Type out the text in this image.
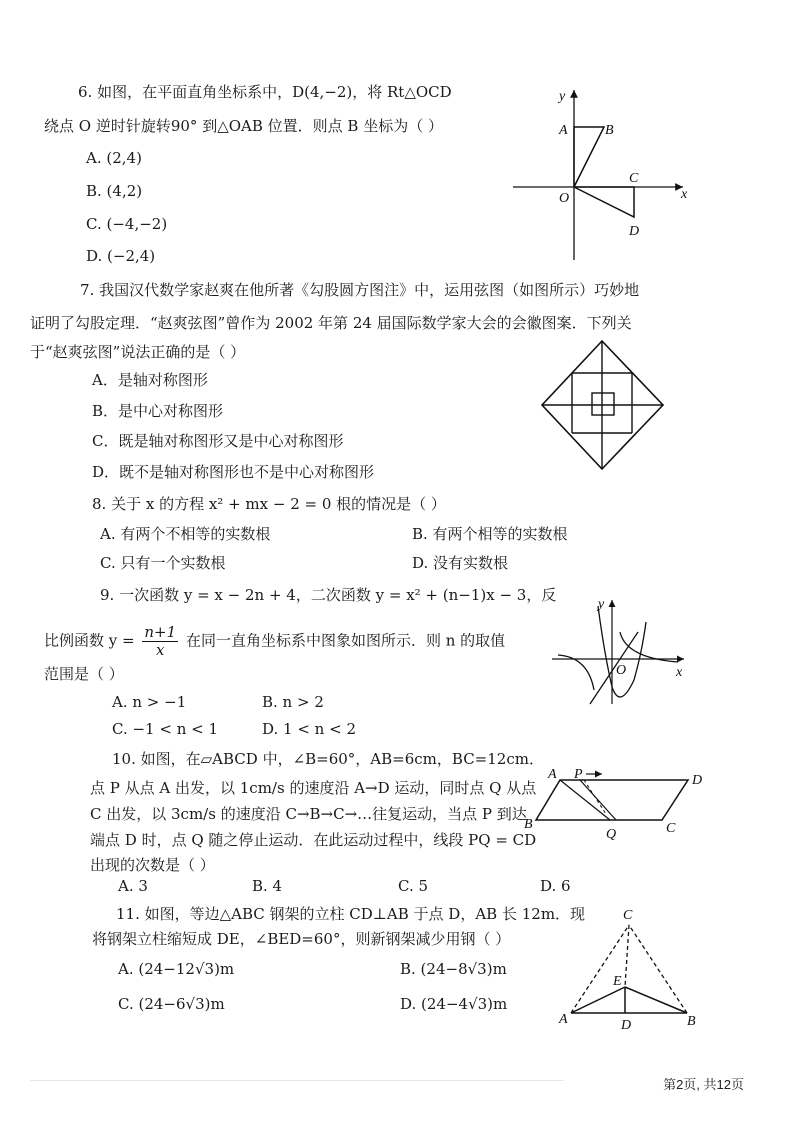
6. 如图，在平面直角坐标系中，D(4,−2)，将 Rt△OCD
绕点 O 逆时针旋转90° 到△OAB 位置．则点 B 坐标为（ ）
A. (2,4)
B. (4,2)
C. (−4,−2)
D. (−2,4)
y
x
O
A	B
C
D
7. 我国汉代数学家赵爽在他所著《勾股圆方图注》中，运用弦图（如图所示）巧妙地
证明了勾股定理．“赵爽弦图”曾作为 2002 年第 24 届国际数学家大会的会徽图案．下列关
于“赵爽弦图”说法正确的是（ ）
A．是轴对称图形
B．是中心对称图形
C．既是轴对称图形又是中心对称图形
D．既不是轴对称图形也不是中心对称图形
8. 关于 x 的方程 x² + mx − 2 = 0 根的情况是（ ）
A. 有两个不相等的实数根	B. 有两个相等的实数根
C. 只有一个实数根	D. 没有实数根
9. 一次函数 y = x − 2n + 4，二次函数 y = x² + (n−1)x − 3，反
比例函数 $y = \frac{n+1}{x}$ 在同一直角坐标系中图象如图所示．则 n 的取值
范围是（ ）
A. n > −1	B. n > 2
C. −1 < n < 1	D. 1 < n < 2
y
x
O
10. 如图，在▱ABCD 中，∠B=60°，AB=6cm，BC=12cm．
点 P 从点 A 出发，以 1cm/s 的速度沿 A→D 运动，同时点 Q 从点
C 出发，以 3cm/s 的速度沿 C→B→C→…往复运动，当点 P 到达
端点 D 时，点 Q 随之停止运动．在此运动过程中，线段 PQ = CD
出现的次数是（ ）
A. 3	B. 4	C. 5	D. 6
A P	D
B
Q	C
11. 如图，等边△ABC 钢架的立柱 CD⊥AB 于点 D，AB 长 12m．现
将钢架立柱缩短成 DE，∠BED=60°，则新钢架减少用钢（ ）
A. (24−12√3)m	B. (24−8√3)m
C. (24−6√3)m	D. (24−4√3)m
C
E
A	D	B
第2页, 共12页
